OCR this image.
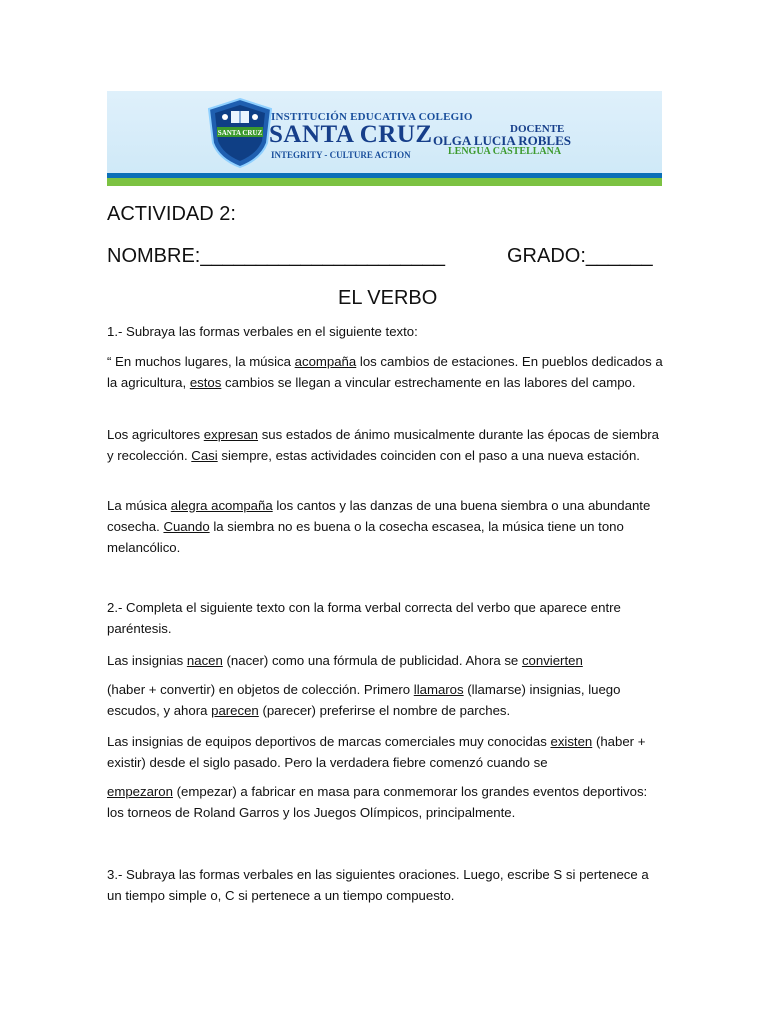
SANTA CRUZ
INSTITUCIÓN EDUCATIVA COLEGIO
SANTA CRUZ
INTEGRITY - CULTURE ACTION
DOCENTE
OLGA LUCIA ROBLES
LENGUA CASTELLANA
ACTIVIDAD 2:
NOMBRE:______________________	GRADO:______
EL VERBO
1.- Subraya las formas verbales en el siguiente texto:
“ En muchos lugares, la música acompaña los cambios de estaciones. En pueblos dedicados a la agricultura, estos cambios se llegan a vincular estrechamente en las labores del campo.
Los agricultores expresan sus estados de ánimo musicalmente durante las épocas de siembra y recolección. Casi siempre, estas actividades coinciden con el paso a una nueva estación.
La música alegra acompaña los cantos y las danzas de una buena siembra o una abundante cosecha. Cuando la siembra no es buena o la cosecha escasea, la música tiene un tono melancólico.
2.- Completa el siguiente texto con la forma verbal correcta del verbo que aparece entre paréntesis.
Las insignias nacen (nacer) como una fórmula de publicidad. Ahora se convierten
(haber + convertir) en objetos de colección. Primero llamaros (llamarse) insignias, luego escudos, y ahora parecen (parecer) preferirse el nombre de parches.
Las insignias de equipos deportivos de marcas comerciales muy conocidas existen (haber + existir) desde el siglo pasado. Pero la verdadera fiebre comenzó cuando se
empezaron (empezar) a fabricar en masa para conmemorar los grandes eventos deportivos: los torneos de Roland Garros y los Juegos Olímpicos, principalmente.
3.- Subraya las formas verbales en las siguientes oraciones. Luego, escribe S si pertenece a un tiempo simple o, C si pertenece a un tiempo compuesto.
